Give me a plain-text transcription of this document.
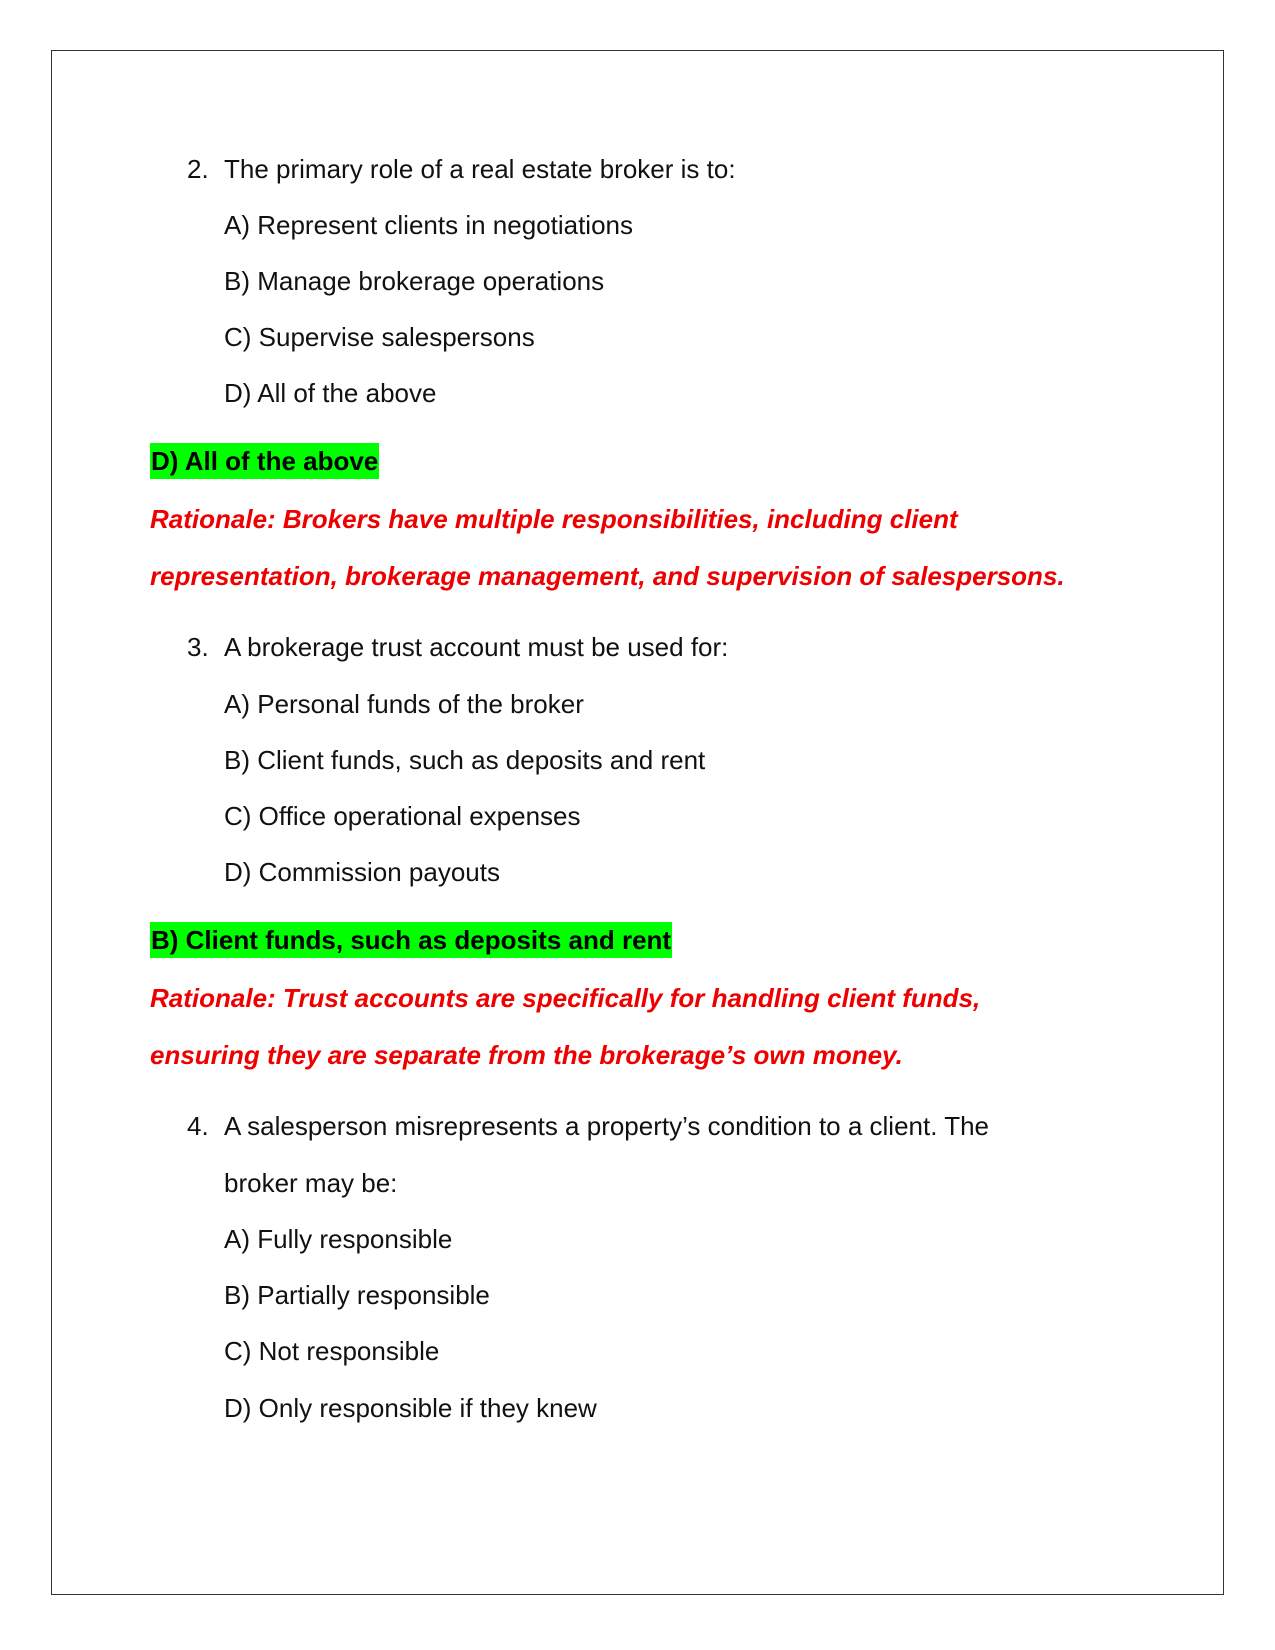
2. The primary role of a real estate broker is to:
A) Represent clients in negotiations
B) Manage brokerage operations
C) Supervise salespersons
D) All of the above
D) All of the above
Rationale: Brokers have multiple responsibilities, including client
representation, brokerage management, and supervision of salespersons.
3. A brokerage trust account must be used for:
A) Personal funds of the broker
B) Client funds, such as deposits and rent
C) Office operational expenses
D) Commission payouts
B) Client funds, such as deposits and rent
Rationale: Trust accounts are specifically for handling client funds,
ensuring they are separate from the brokerage’s own money.
4. A salesperson misrepresents a property’s condition to a client. The
broker may be:
A) Fully responsible
B) Partially responsible
C) Not responsible
D) Only responsible if they knew
